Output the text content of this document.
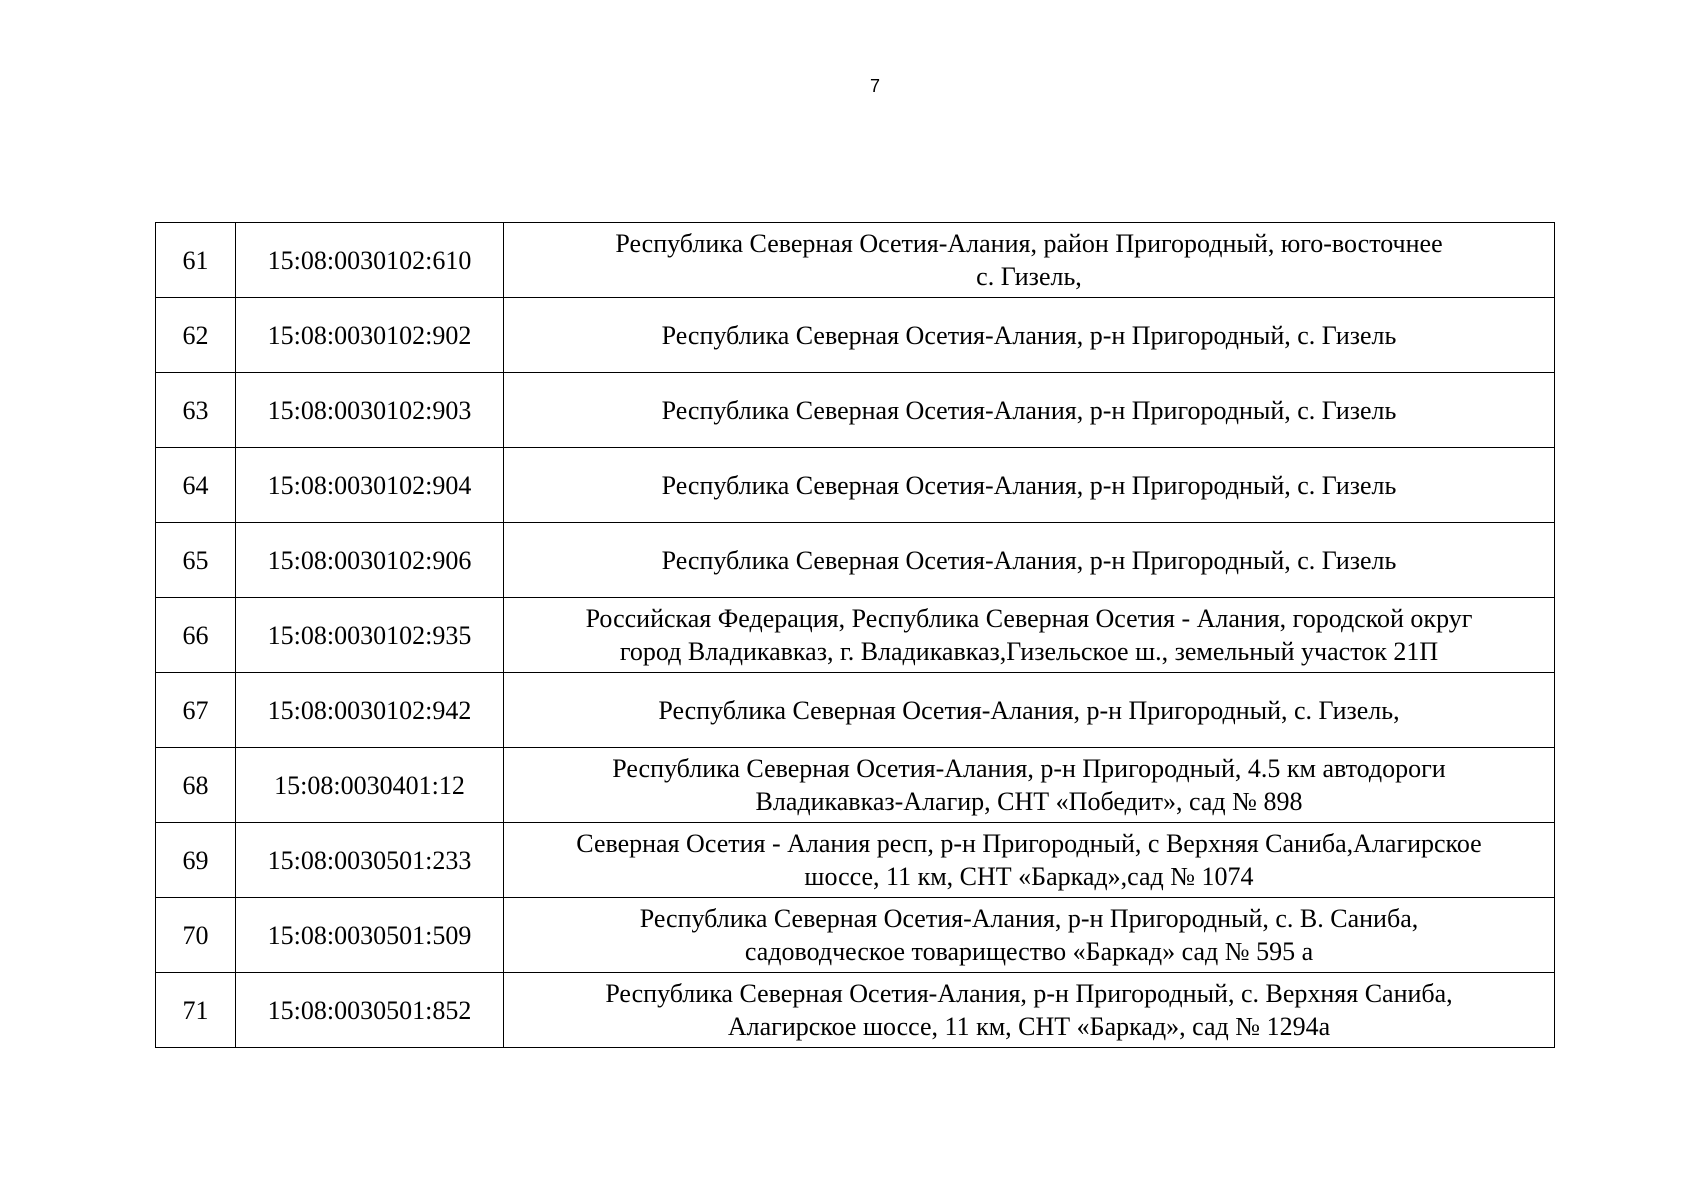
7
61	15:08:0030102:610	Республика Северная Осетия-Алания, район Пригородный, юго-восточнее
с. Гизель,

62	15:08:0030102:902	Республика Северная Осетия-Алания, р-н Пригородный, с. Гизель

63	15:08:0030102:903	Республика Северная Осетия-Алания, р-н Пригородный, с. Гизель

64	15:08:0030102:904	Республика Северная Осетия-Алания, р-н Пригородный, с. Гизель

65	15:08:0030102:906	Республика Северная Осетия-Алания, р-н Пригородный, с. Гизель

66	15:08:0030102:935	Российская Федерация, Республика Северная Осетия - Алания, городской округ
город Владикавказ, г. Владикавказ,Гизельское ш., земельный участок 21П

67	15:08:0030102:942	Республика Северная Осетия-Алания, р-н Пригородный, с. Гизель,

68	15:08:0030401:12	Республика Северная Осетия-Алания, р-н Пригородный, 4.5 км автодороги
Владикавказ-Алагир, СНТ «Победит», сад № 898

69	15:08:0030501:233	Северная Осетия - Алания респ, р-н Пригородный, с Верхняя Саниба,Алагирское
шоссе, 11 км, СНТ «Баркад»,сад № 1074

70	15:08:0030501:509	Республика Северная Осетия-Алания, р-н Пригородный, с. В. Саниба,
садоводческое товарищество «Баркад» сад № 595 а

71	15:08:0030501:852	Республика Северная Осетия-Алания, р-н Пригородный, с. Верхняя Саниба,
Алагирское шоссе, 11 км, СНТ «Баркад», сад № 1294а
